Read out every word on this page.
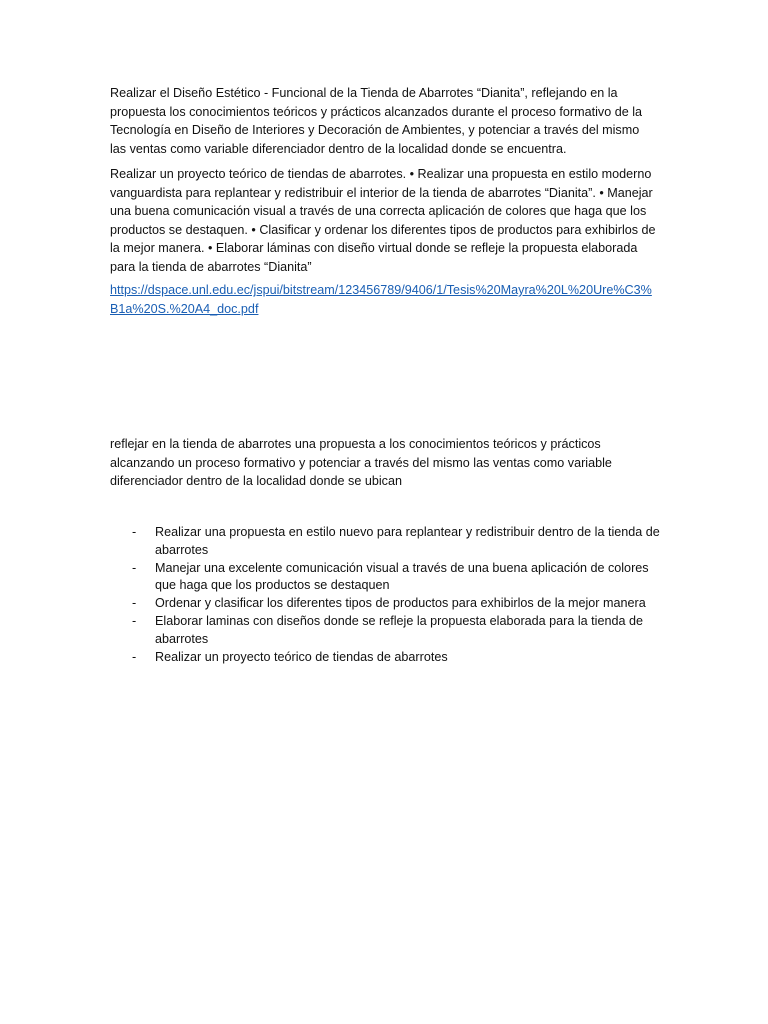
Realizar el Diseño Estético - Funcional de la Tienda de Abarrotes “Dianita”, reflejando en la propuesta los conocimientos teóricos y prácticos alcanzados durante el proceso formativo de la Tecnología en Diseño de Interiores y Decoración de Ambientes, y potenciar a través del mismo las ventas como variable diferenciador dentro de la localidad donde se encuentra.

Realizar un proyecto teórico de tiendas de abarrotes. • Realizar una propuesta en estilo moderno vanguardista para replantear y redistribuir el interior de la tienda de abarrotes “Dianita”. • Manejar una buena comunicación visual a través de una correcta aplicación de colores que haga que los productos se destaquen. • Clasificar y ordenar los diferentes tipos de productos para exhibirlos de la mejor manera. • Elaborar láminas con diseño virtual donde se refleje la propuesta elaborada para la tienda de abarrotes “Dianita”

https://dspace.unl.edu.ec/jspui/bitstream/123456789/9406/1/Tesis%20Mayra%20L%20Ure%C3%B1a%20S.%20A4_doc.pdf

reflejar en la tienda de abarrotes una propuesta a los conocimientos teóricos y prácticos alcanzando un proceso formativo y potenciar a través del mismo las ventas como variable diferenciador dentro de la localidad donde se ubican

- Realizar una propuesta en estilo nuevo para replantear y redistribuir dentro de la tienda de abarrotes
- Manejar una excelente comunicación visual a través de una buena aplicación de colores que haga que los productos se destaquen
- Ordenar y clasificar los diferentes tipos de productos para exhibirlos de la mejor manera
- Elaborar laminas con diseños donde se refleje la propuesta elaborada para la tienda de abarrotes
- Realizar un proyecto teórico de tiendas de abarrotes
